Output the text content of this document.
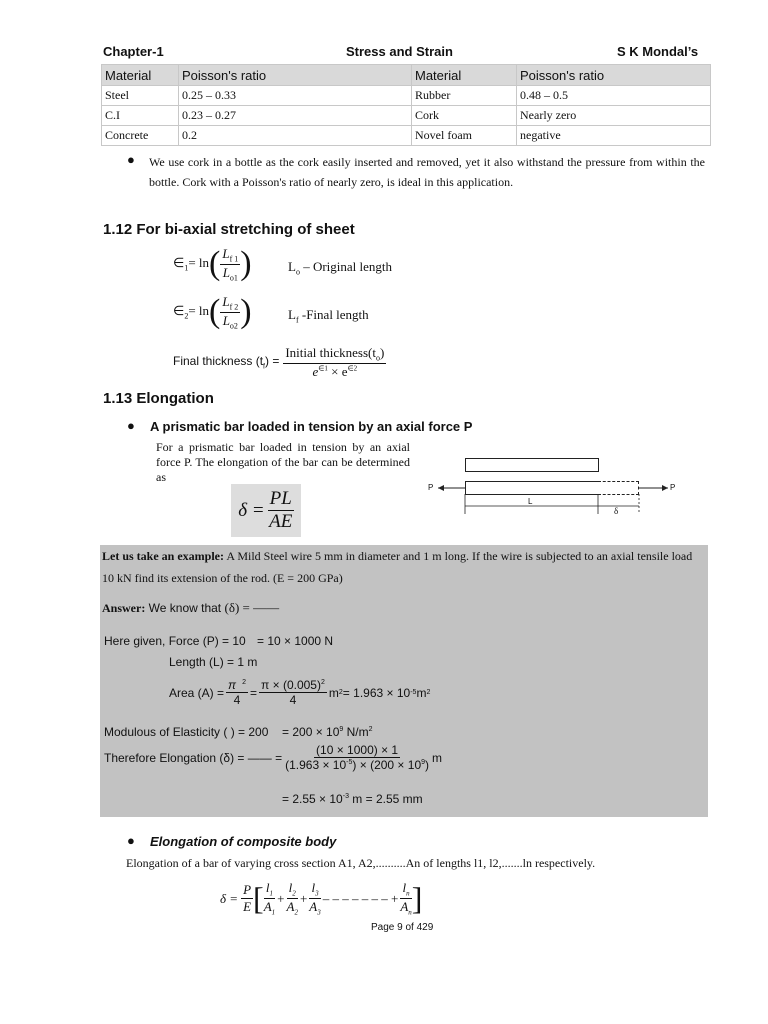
Chapter-1	Stress and Strain	S K Mondal’s
Material	Poisson's ratio	Material	Poisson's ratio
Steel	0.25 – 0.33	Rubber	0.48 – 0.5
C.I	0.23 – 0.27	Cork	Nearly zero
Concrete	0.2	Novel foam	negative
● We use cork in a bottle as the cork easily inserted and removed, yet it also withstand the pressure from within the bottle. Cork with a Poisson's ratio of nearly zero, is ideal in this application.
1.12 For bi-axial stretching of sheet
$\in_1= \ln( \frac{L_{f 1}}{L_{o1}}$ )	$L_o$ – Original length
$\in_2= \ln( \frac{L_{f 2}}{L_{o2}}$ )	$L_f$ -Final length
Final thickness $(t_f) = \frac{Initial thickness(t_o)}{e^{\in 1} \times e^{\in 2}}$
1.13 Elongation
● A prismatic bar loaded in tension by an axial force P
For a prismatic bar loaded in tension by an axial force P. The elongation of the bar can be determined as
$\delta = \frac{PL}{AE}$
P	P
L
δ
Let us take an example: A Mild Steel wire 5 mm in diameter and 1 m long. If the wire is subjected to an axial tensile load 10 kN find its extension of the rod. (E = 200 GPa)
Answer: We know that (δ) = ——
Here given, Force (P) = 10 = 10 × 1000 N
Length (L) = 1 m
Area $(A) = \frac{\pi ^2}{4} = \frac{\pi \times (0.005)^2}{4}$ m 2 = 1.963 × 10 -5 m 2
Modulous of Elasticity ( ) = $200 = 200 \times 10^9$ $N/m^2$
Therefore Elongation (δ) = —— = $\frac{(10 \times 1000) \times 1}{(1.963 \times 10^{-5}) \times (200 \times 10^9)}$ m
= $2.55 \times 10^{-3}$ m = 2.55 mm
● Elongation of composite body
Elongation of a bar of varying cross section A1, A2,..........An of lengths l1, l2,.......ln respectively.
$\delta = \frac{P}{E}$ [ $\frac{l_1}{A_1} + \frac{l_2}{A_2} + \frac{l_3}{A_3}$ – – – – – – – + $\frac{l_n}{A_n}$ ]
Page 9 of 429
